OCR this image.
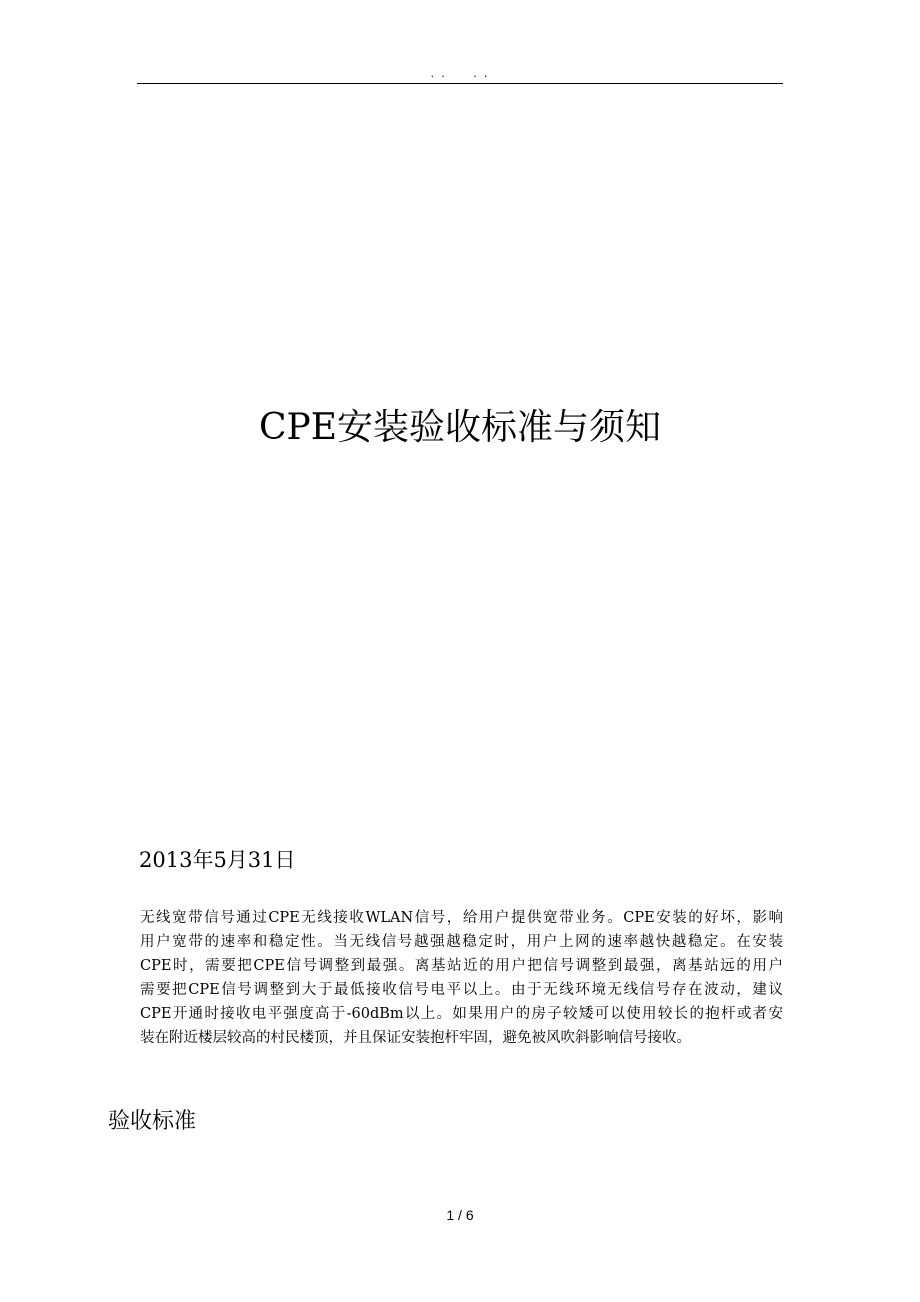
. .     . .
CPE安装验收标准与须知
2013年5月31日
无线宽带信号通过CPE无线接收WLAN信号，给用户提供宽带业务。CPE安装的好坏，影响
用户宽带的速率和稳定性。当无线信号越强越稳定时，用户上网的速率越快越稳定。在安装
CPE时，需要把CPE信号调整到最强。离基站近的用户把信号调整到最强，离基站远的用户
需要把CPE信号调整到大于最低接收信号电平以上。由于无线环境无线信号存在波动，建议
CPE开通时接收电平强度高于-60dBm以上。如果用户的房子较矮可以使用较长的抱杆或者安
装在附近楼层较高的村民楼顶，并且保证安装抱杆牢固，避免被风吹斜影响信号接收。
验收标准
1 / 6
